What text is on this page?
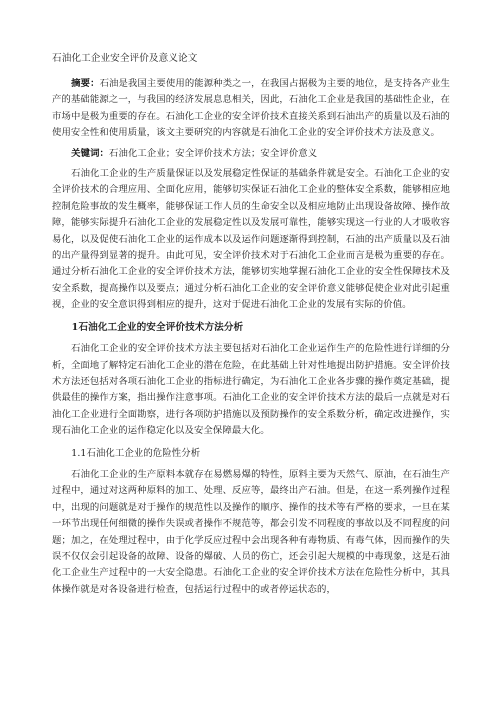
石油化工企业安全评价及意义论文

摘要：石油是我国主要使用的能源种类之一，在我国占据极为主要的地位，是支持各产业生产的基础能源之一，与我国的经济发展息息相关，因此，石油化工企业是我国的基础性企业，在市场中是极为重要的存在。石油化工企业的安全评价技术直接关系到石油出产的质量以及石油的使用安全性和使用质量，该文主要研究的内容就是石油化工企业的安全评价技术方法及意义。

关键词：石油化工企业；安全评价技术方法；安全评价意义

石油化工企业的生产质量保证以及发展稳定性保证的基础条件就是安全。石油化工企业的安全评价技术的合理应用、全面化应用，能够切实保证石油化工企业的整体安全系数，能够相应地控制危险事故的发生概率，能够保证工作人员的生命安全以及相应地防止出现设备故障、操作故障，能够实际提升石油化工企业的发展稳定性以及发展可靠性，能够实现这一行业的人才吸收容易化，以及促使石油化工企业的运作成本以及运作问题逐渐得到控制，石油的出产质量以及石油的出产量得到显著的提升。由此可见，安全评价技术对于石油化工企业而言是极为重要的存在。通过分析石油化工企业的安全评价技术方法，能够切实地掌握石油化工企业的安全性保障技术及安全系数，提高操作以及要点；通过分析石油化工企业的安全评价意义能够促使企业对此引起重视，企业的安全意识得到相应的提升，这对于促进石油化工企业的发展有实际的价值。

1石油化工企业的安全评价技术方法分析

石油化工企业的安全评价技术方法主要包括对石油化工企业运作生产的危险性进行详细的分析，全面地了解特定石油化工企业的潜在危险，在此基础上针对性地提出防护措施。安全评价技术方法还包括对各项石油化工企业的指标进行确定，为石油化工企业各步骤的操作奠定基础，提供最佳的操作方案，指出操作注意事项。石油化工企业的安全评价技术方法的最后一点就是对石油化工企业进行全面勘察，进行各项防护措施以及预防操作的安全系数分析，确定改进操作，实现石油化工企业的运作稳定化以及安全保障最大化。

1.1石油化工企业的危险性分析

石油化工企业的生产原料本就存在易燃易爆的特性，原料主要为天然气、原油，在石油生产过程中，通过对这两种原料的加工、处理、反应等，最终出产石油。但是，在这一系列操作过程中，出现的问题就是对于操作的规范性以及操作的顺序、操作的技术等有严格的要求，一旦在某一环节出现任何细微的操作失误或者操作不规范等，都会引发不同程度的事故以及不同程度的问题；加之，在处理过程中，由于化学反应过程中会出现各种有毒物质、有毒气体，因而操作的失误不仅仅会引起设备的故障、设备的爆破、人员的伤亡，还会引起大规模的中毒现象，这是石油化工企业生产过程中的一大安全隐患。石油化工企业的安全评价技术方法在危险性分析中，其具体操作就是对各设备进行检查，包括运行过程中的或者停运状态的，
